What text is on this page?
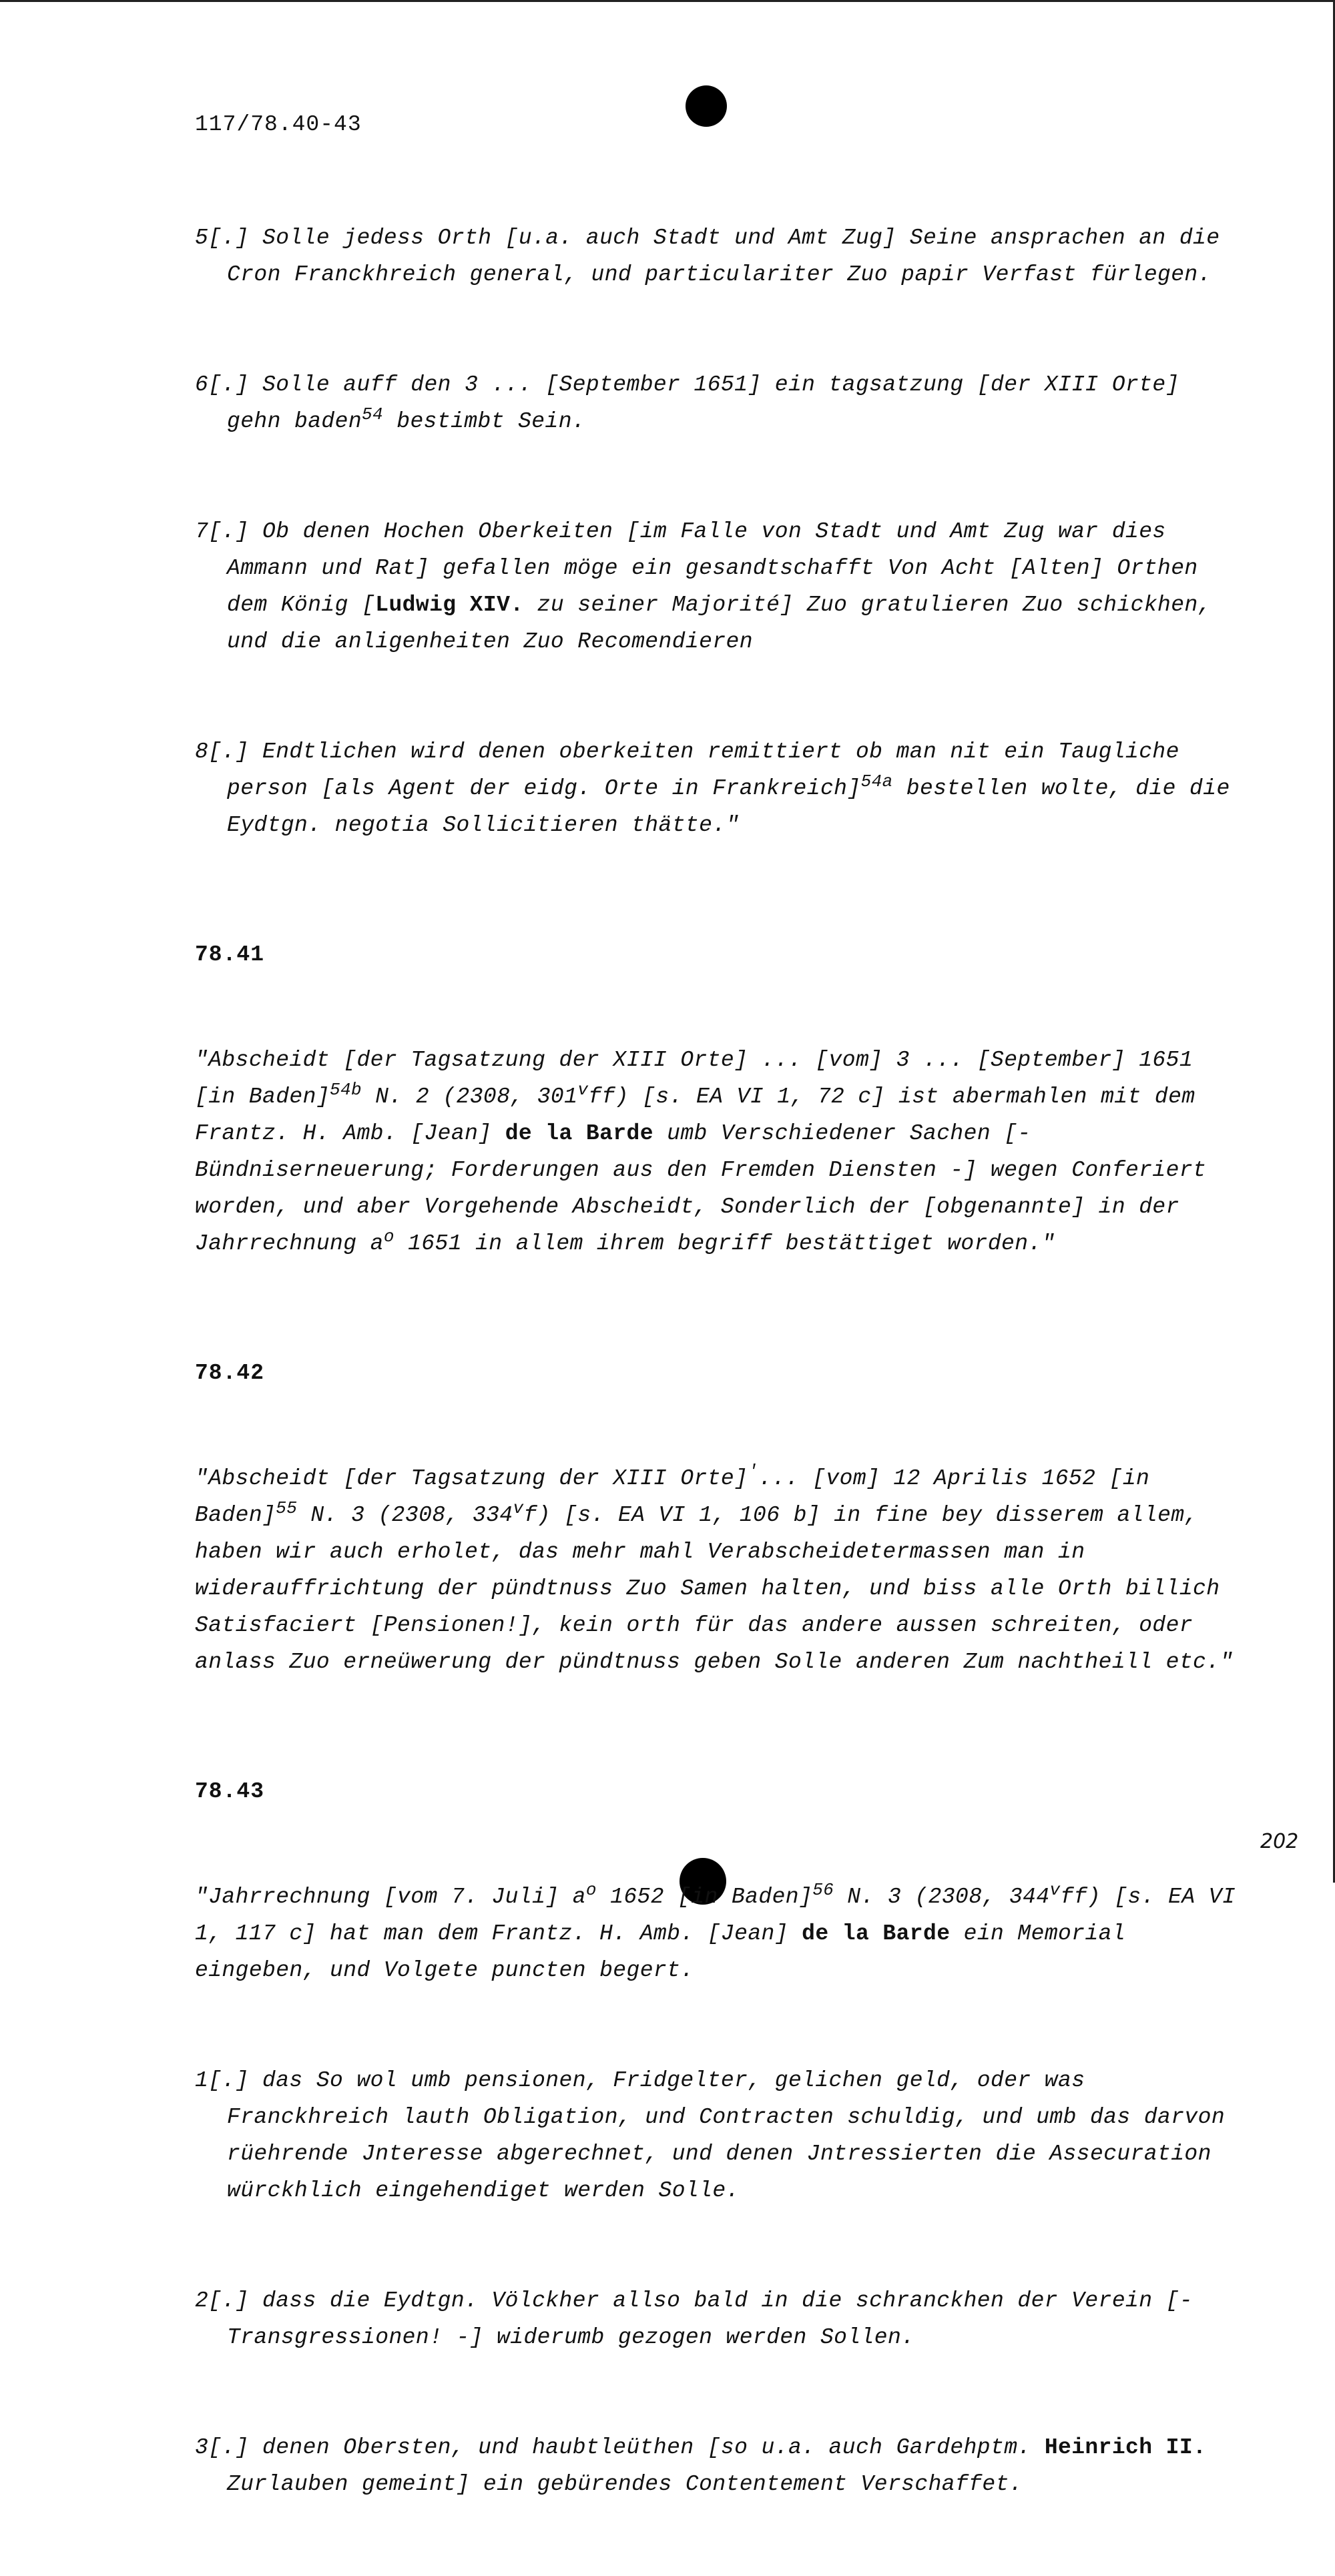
117/78.40-43

5[.] Solle jedess Orth [u.a. auch Stadt und Amt Zug] Seine ansprachen an die Cron Franckhreich general, und particulariter Zuo papir Verfast fürlegen.

6[.] Solle auff den 3 ... [September 1651] ein tagsatzung [der XIII Orte] gehn baden$^{54}$ bestimbt Sein.

7[.] Ob denen Hochen Oberkeiten [im Falle von Stadt und Amt Zug war dies Ammann und Rat] gefallen möge ein gesandtschafft Von Acht [Alten] Orthen dem König [Ludwig XIV. zu seiner Majorité] Zuo gratulieren Zuo schickhen, und die anligenheiten Zuo Recomendieren

8[.] Endtlichen wird denen oberkeiten remittiert ob man nit ein Taugliche person [als Agent der eidg. Orte in Frankreich]$^{54a}$ bestellen wolte, die die Eydtgn. negotia Sollicitieren thätte."

78.41

"Abscheidt [der Tagsatzung der XIII Orte] ... [vom] 3 ... [September] 1651 [in Baden]$^{54b}$ N. 2 (2308, 301$^v$ff) [s. EA VI 1, 72 c] ist abermahlen mit dem Frantz. H. Amb. [Jean] de la Barde umb Verschiedener Sachen [- Bündniserneuerung; Forderungen aus den Fremden Diensten -] wegen Conferiert worden, und aber Vorgehende Abscheidt, Sonderlich der [obgenannte] in der Jahrrechnung $a^o$ 1651 in allem ihrem begriff bestättiget worden."

78.42

"Abscheidt [der Tagsatzung der XIII Orte]'... [vom] 12 Aprilis 1652 [in Baden]$^{55}$ N. 3 (2308, 334$^v$f) [s. EA VI 1, 106 b] in fine bey disserem allem, haben wir auch erholet, das mehr mahl Verabscheidetermassen man in widerauffrichtung der pündtnuss Zuo Samen halten, und biss alle Orth billich Satisfaciert [Pensionen!], kein orth für das andere aussen schreiten, oder anlass Zuo erneüwerung der pündtnuss geben Solle anderen Zum nachtheill etc."

78.43

"Jahrrechnung [vom 7. Juli] $a^o$ 1652 [in Baden]$^{56}$ N. 3 (2308, 344$^v$ff) [s. EA VI 1, 117 c] hat man dem Frantz. H. Amb. [Jean] de la Barde ein Memorial eingeben, und Volgete puncten begert.

1[.] das So wol umb pensionen, Fridgelter, gelichen geld, oder was Franckhreich lauth Obligation, und Contracten schuldig, und umb das darvon rüehrende Jnteresse abgerechnet, und denen Jntressierten die Assecuration würckhlich eingehendiget werden Solle.

2[.] dass die Eydtgn. Völckher allso bald in die schranckhen der Verein [- Transgressionen! -] widerumb gezogen werden Sollen.

3[.] denen Obersten, und haubtleüthen [so u.a. auch Gardehptm. Heinrich II. Zurlauben gemeint] ein gebürendes Contentement Verschaffet.

202
